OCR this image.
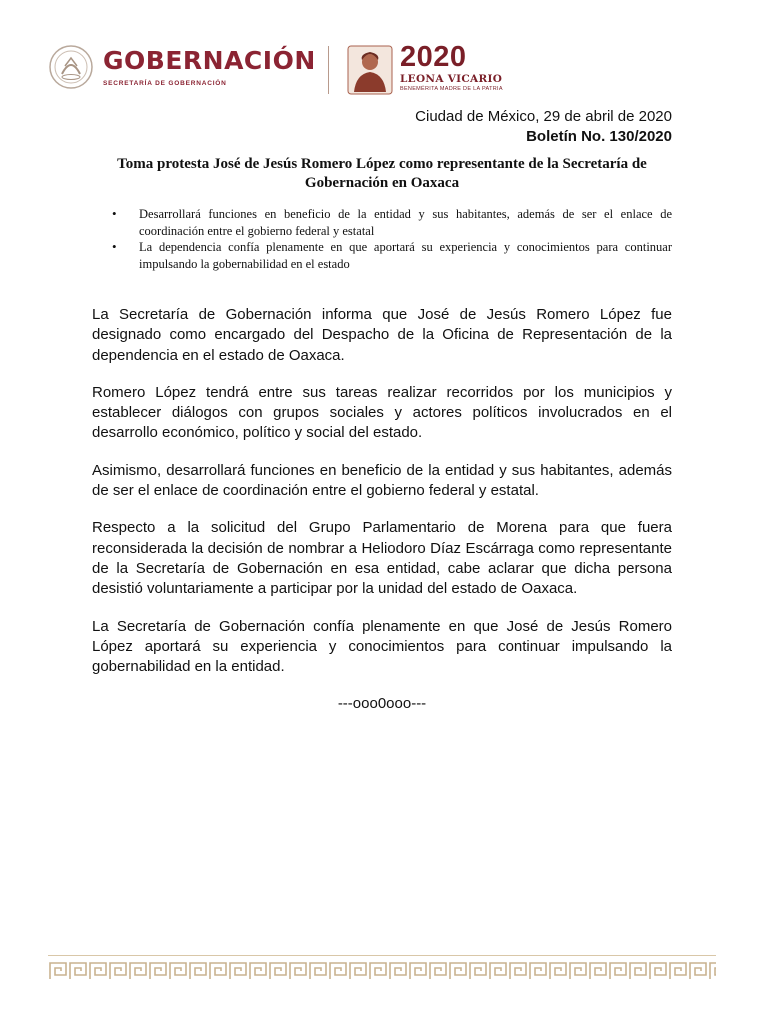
GOBERNACIÓN
SECRETARÍA DE GOBERNACIÓN
2020
LEONA VICARIO
BENEMÉRITA MADRE DE LA PATRIA
Ciudad de México, 29 de abril de 2020
Boletín No. 130/2020
Toma protesta José de Jesús Romero López como representante de la Secretaría de Gobernación en Oaxaca
• Desarrollará funciones en beneficio de la entidad y sus habitantes, además de ser el enlace de coordinación entre el gobierno federal y estatal
• La dependencia confía plenamente en que aportará su experiencia y conocimientos para continuar impulsando la gobernabilidad en el estado

La Secretaría de Gobernación informa que José de Jesús Romero López fue designado como encargado del Despacho de la Oficina de Representación de la dependencia en el estado de Oaxaca.

Romero López tendrá entre sus tareas realizar recorridos por los municipios y establecer diálogos con grupos sociales y actores políticos involucrados en el desarrollo económico, político y social del estado.

Asimismo, desarrollará funciones en beneficio de la entidad y sus habitantes, además de ser el enlace de coordinación entre el gobierno federal y estatal.

Respecto a la solicitud del Grupo Parlamentario de Morena para que fuera reconsiderada la decisión de nombrar a Heliodoro Díaz Escárraga como representante de la Secretaría de Gobernación en esa entidad, cabe aclarar que dicha persona desistió voluntariamente a participar por la unidad del estado de Oaxaca.

La Secretaría de Gobernación confía plenamente en que José de Jesús Romero López aportará su experiencia y conocimientos para continuar impulsando la gobernabilidad en la entidad.

---ooo0ooo---
